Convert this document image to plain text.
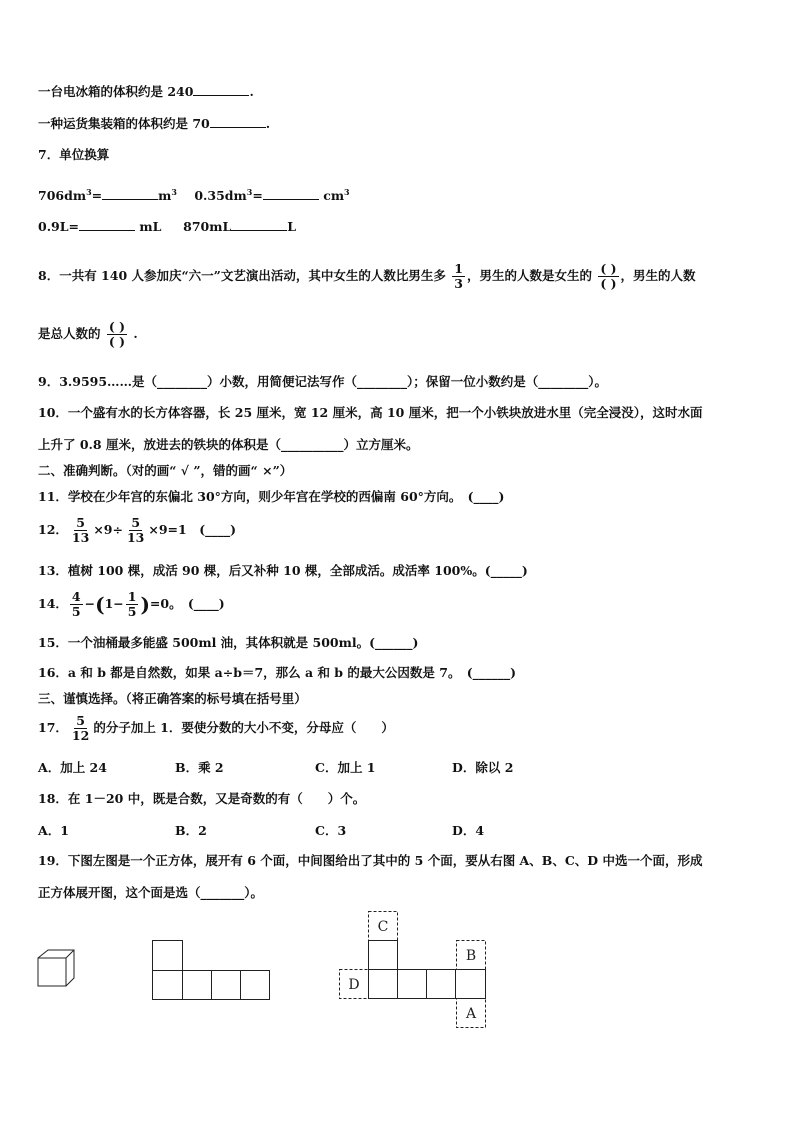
一台电冰箱的体积约是 240	.
一种运货集装箱的体积约是 70	.
7．单位换算
$706dm^3=$	$m^3$ $0.35dm^3=$	$cm^3$
0.9L=	mL 870mL	L
8．一共有 140 人参加庆“六一”文艺演出活动，其中女生的人数比男生多 $\frac{1}{3}$ ，男生的人数是女生的 $\frac{( )}{( )}$ ，男生的人数
是总人数的 $\frac{( )}{( )}$ .
9．3.9595……是（________）小数，用简便记法写作（________）；保留一位小数约是（________）。
10．一个盛有水的长方体容器，长 25 厘米，宽 12 厘米，高 10 厘米，把一个小铁块放进水里（完全浸没），这时水面
上升了 0.8 厘米，放进去的铁块的体积是（__________）立方厘米。
二、准确判断。（对的画“ √ ”，错的画“ ×”）
11．学校在少年宫的东偏北 30°方向，则少年宫在学校的西偏南 60°方向。　(____)
12． $\frac{5}{13} \times 9\div \frac{5}{13} \times 9=1$　(____)
13．植树 100 棵，成活 90 棵，后又补种 10 棵，全部成活。成活率 100%。(_____)
14． $\frac{4}{5} -(1- \frac{1}{5} )=0$。　(____)
15．一个油桶最多能盛 500ml 油，其体积就是 500ml。(______)
16．a 和 b 都是自然数，如果 a÷b＝7，那么 a 和 b 的最大公因数是 7。　(______)
三、谨慎选择。（将正确答案的标号填在括号里）
17． $\frac{5}{12}$ 的分子加上 1．要使分数的大小不变，分母应（　　）
A．加上 24	B．乘 2	C．加上 1	D．除以 2
18．在 1－20 中，既是合数，又是奇数的有（　　）个。
A．1	B．2	C．3	D．4
19．下图左图是一个正方体，展开有 6 个面，中间图给出了其中的 5 个面，要从右图 A、B、C、D 中选一个面，形成
正方体展开图，这个面是选（_______）。
C
D
B
A
